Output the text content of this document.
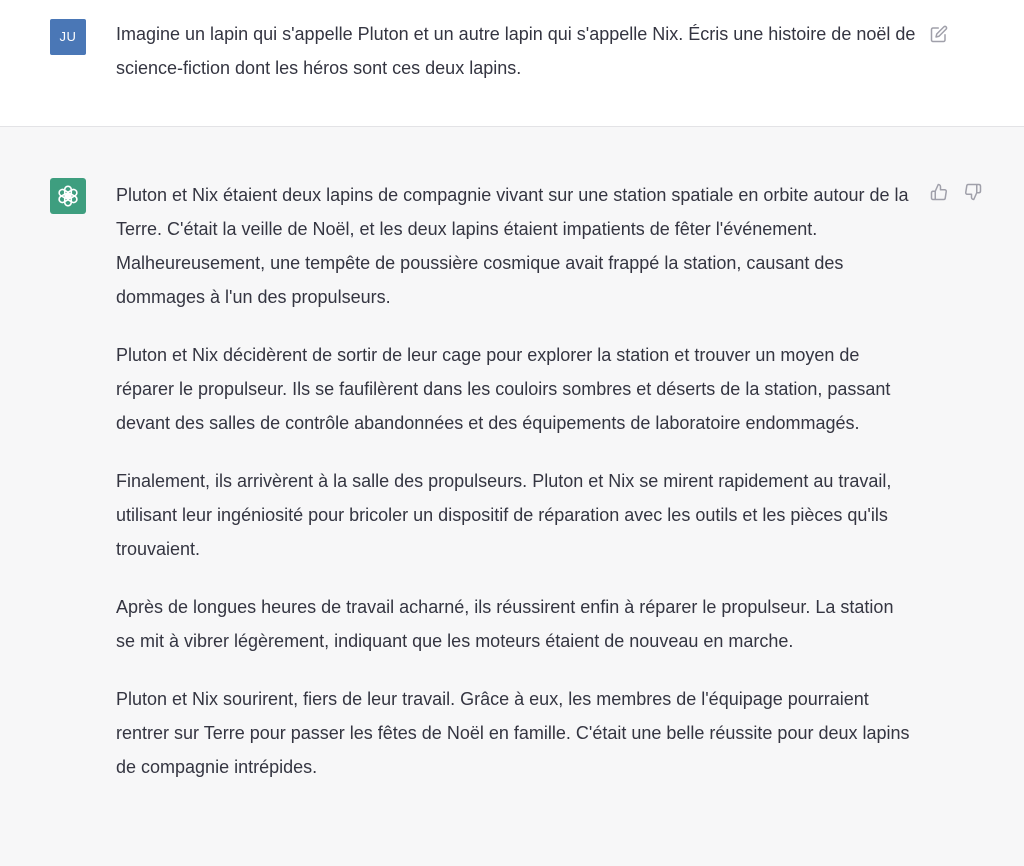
JU	Imagine un lapin qui s'appelle Pluton et un autre lapin qui s'appelle Nix. Écris une histoire de noël de science-fiction dont les héros sont ces deux lapins.

Pluton et Nix étaient deux lapins de compagnie vivant sur une station spatiale en orbite autour de la Terre. C'était la veille de Noël, et les deux lapins étaient impatients de fêter l'événement. Malheureusement, une tempête de poussière cosmique avait frappé la station, causant des dommages à l'un des propulseurs.

Pluton et Nix décidèrent de sortir de leur cage pour explorer la station et trouver un moyen de réparer le propulseur. Ils se faufilèrent dans les couloirs sombres et déserts de la station, passant devant des salles de contrôle abandonnées et des équipements de laboratoire endommagés.

Finalement, ils arrivèrent à la salle des propulseurs. Pluton et Nix se mirent rapidement au travail, utilisant leur ingéniosité pour bricoler un dispositif de réparation avec les outils et les pièces qu'ils trouvaient.

Après de longues heures de travail acharné, ils réussirent enfin à réparer le propulseur. La station se mit à vibrer légèrement, indiquant que les moteurs étaient de nouveau en marche.

Pluton et Nix sourirent, fiers de leur travail. Grâce à eux, les membres de l'équipage pourraient rentrer sur Terre pour passer les fêtes de Noël en famille. C'était une belle réussite pour deux lapins de compagnie intrépides.
